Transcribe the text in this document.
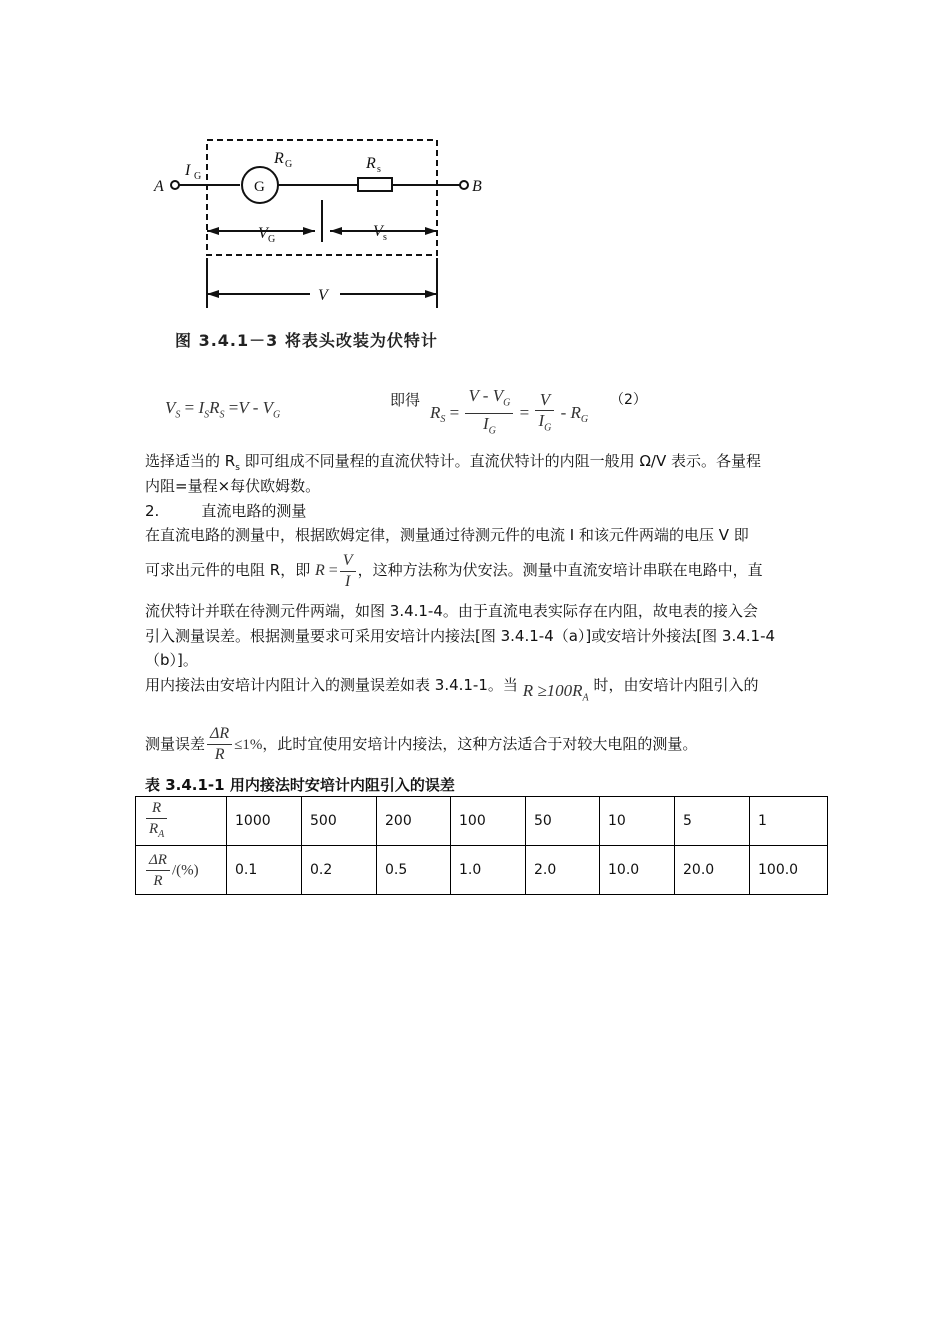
A	B
I G
R G
G
R s
V G	V s
V
图 3.4.1－3 将表头改装为伏特计
$V_S = I_SR_S =V - V_G$
即得
$R_S = \frac{V - V_G}{I_G} = \frac{V}{I_G} - R_G$
（2）
选择适当的 $R_s$ 即可组成不同量程的直流伏特计。直流伏特计的内阻一般用 Ω/V 表示。各量程
内阻=量程×每伏欧姆数。
2.	直流电路的测量
在直流电路的测量中，根据欧姆定律，测量通过待测元件的电流 I 和该元件两端的电压 V 即
可求出元件的电阻 R，即 $R = \frac{V}{I}$ ，这种方法称为伏安法。测量中直流安培计串联在电路中，直
流伏特计并联在待测元件两端，如图 3.4.1-4。由于直流电表实际存在内阻，故电表的接入会
引入测量误差。根据测量要求可采用安培计内接法[图 3.4.1-4（a）]或安培计外接法[图 3.4.1-4
（b）]。
用内接法由安培计内阻计入的测量误差如表 3.4.1-1。当 $R \ge 100R_A$ 时，由安培计内阻引入的
测量误差 $\frac{\Delta R}{R} \le 1\%$，此时宜使用安培计内接法，这种方法适合于对较大电阻的测量。
表 3.4.1-1 用内接法时安培计内阻引入的误差
$\frac{R}{R_A}$	1000	500	200	100	50	10	5	1

$\frac{\Delta R}{R}$ /(%)	0.1	0.2	0.5	1.0	2.0	10.0	20.0	100.0
